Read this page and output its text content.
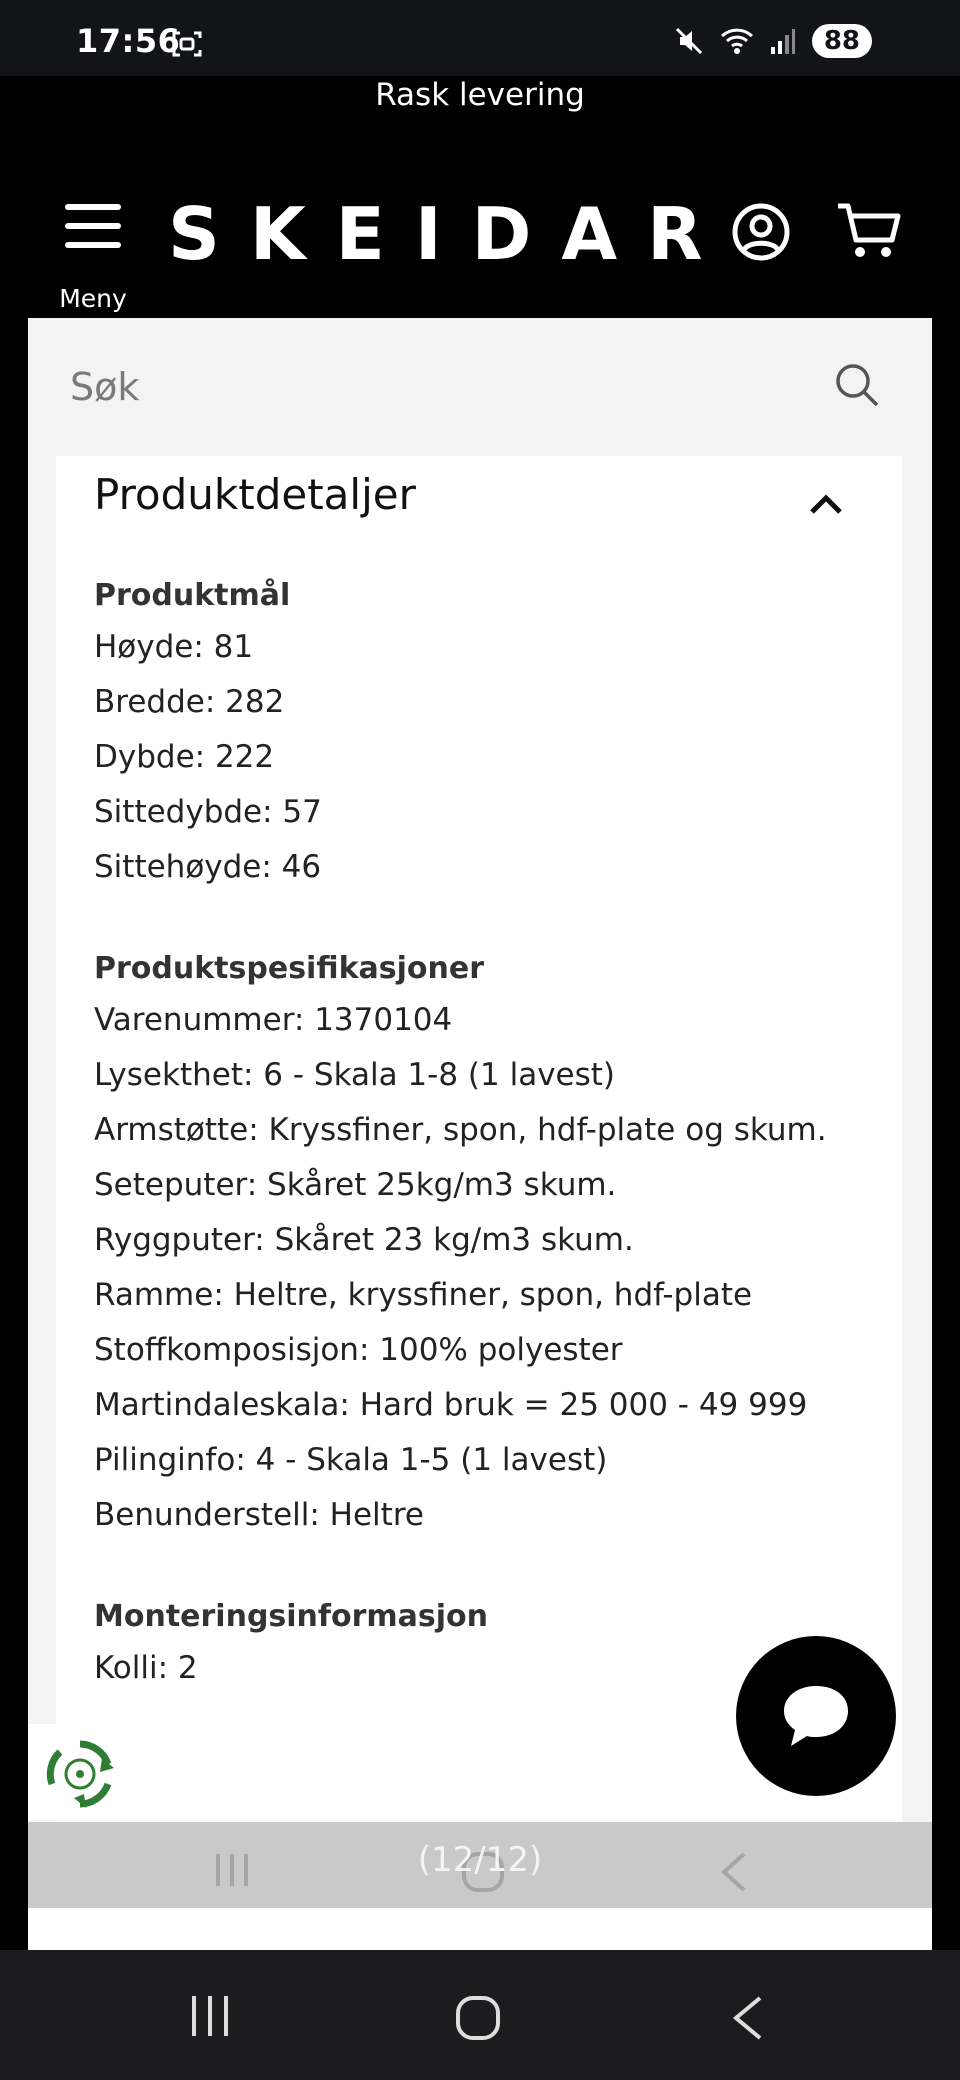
17:56	88
Rask levering
Meny
SKEIDAR
Søk
Produktdetaljer
Produktmål
Høyde: 81
Bredde: 282
Dybde: 222
Sittedybde: 57
Sittehøyde: 46
Produktspesifikasjoner
Varenummer: 1370104
Lysekthet: 6 - Skala 1-8 (1 lavest)
Armstøtte: Kryssfiner, spon, hdf-plate og skum.
Seteputer: Skåret 25kg/m3 skum.
Ryggputer: Skåret 23 kg/m3 skum.
Ramme: Heltre, kryssfiner, spon, hdf-plate
Stoffkomposisjon: 100% polyester
Martindaleskala: Hard bruk = 25 000 - 49 999
Pilinginfo: 4 - Skala 1-5 (1 lavest)
Benunderstell: Heltre
Monteringsinformasjon
Kolli: 2
(12/12)
